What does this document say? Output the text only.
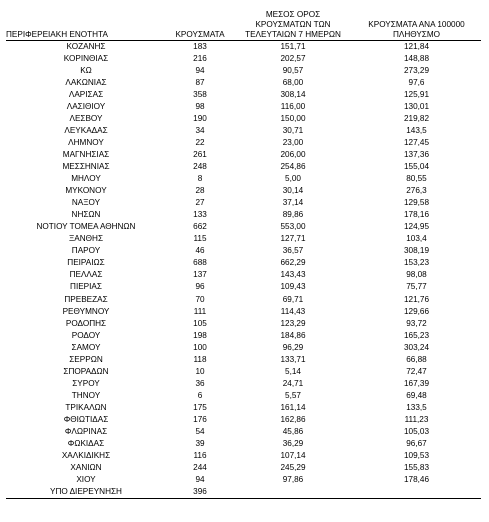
ΠΕΡΙΦΕΡΕΙΑΚΗ ΕΝΟΤΗΤΑ	ΚΡΟΥΣΜΑΤΑ	ΜΕΣΟΣ ΟΡΟΣ
ΚΡΟΥΣΜΑΤΩΝ ΤΩΝ
ΤΕΛΕΥΤΑΙΩΝ 7 ΗΜΕΡΩΝ	ΚΡΟΥΣΜΑΤΑ ΑΝΑ 100000
ΠΛΗΘΥΣΜΟ

ΚΟΖΑΝΗΣ	183	151,71	121,84
ΚΟΡΙΝΘΙΑΣ	216	202,57	148,88
ΚΩ	94	90,57	273,29
ΛΑΚΩΝΙΑΣ	87	68,00	97,6
ΛΑΡΙΣΑΣ	358	308,14	125,91
ΛΑΣΙΘΙΟΥ	98	116,00	130,01
ΛΕΣΒΟΥ	190	150,00	219,82
ΛΕΥΚΑΔΑΣ	34	30,71	143,5
ΛΗΜΝΟΥ	22	23,00	127,45
ΜΑΓΝΗΣΙΑΣ	261	206,00	137,36
ΜΕΣΣΗΝΙΑΣ	248	254,86	155,04
ΜΗΛΟΥ	8	5,00	80,55
ΜΥΚΟΝΟΥ	28	30,14	276,3
ΝΑΞΟΥ	27	37,14	129,58
ΝΗΣΩΝ	133	89,86	178,16
ΝΟΤΙΟΥ ΤΟΜΕΑ ΑΘΗΝΩΝ	662	553,00	124,95
ΞΑΝΘΗΣ	115	127,71	103,4
ΠΑΡΟΥ	46	36,57	308,19
ΠΕΙΡΑΙΩΣ	688	662,29	153,23
ΠΕΛΛΑΣ	137	143,43	98,08
ΠΙΕΡΙΑΣ	96	109,43	75,77
ΠΡΕΒΕΖΑΣ	70	69,71	121,76
ΡΕΘΥΜΝΟΥ	111	114,43	129,66
ΡΟΔΟΠΗΣ	105	123,29	93,72
ΡΟΔΟΥ	198	184,86	165,23
ΣΑΜΟΥ	100	96,29	303,24
ΣΕΡΡΩΝ	118	133,71	66,88
ΣΠΟΡΑΔΩΝ	10	5,14	72,47
ΣΥΡΟΥ	36	24,71	167,39
ΤΗΝΟΥ	6	5,57	69,48
ΤΡΙΚΑΛΩΝ	175	161,14	133,5
ΦΘΙΩΤΙΔΑΣ	176	162,86	111,23
ΦΛΩΡΙΝΑΣ	54	45,86	105,03
ΦΩΚΙΔΑΣ	39	36,29	96,67
ΧΑΛΚΙΔΙΚΗΣ	116	107,14	109,53
ΧΑΝΙΩΝ	244	245,29	155,83
ΧΙΟΥ	94	97,86	178,46
ΥΠΟ ΔΙΕΡΕΥΝΗΣΗ	396		
